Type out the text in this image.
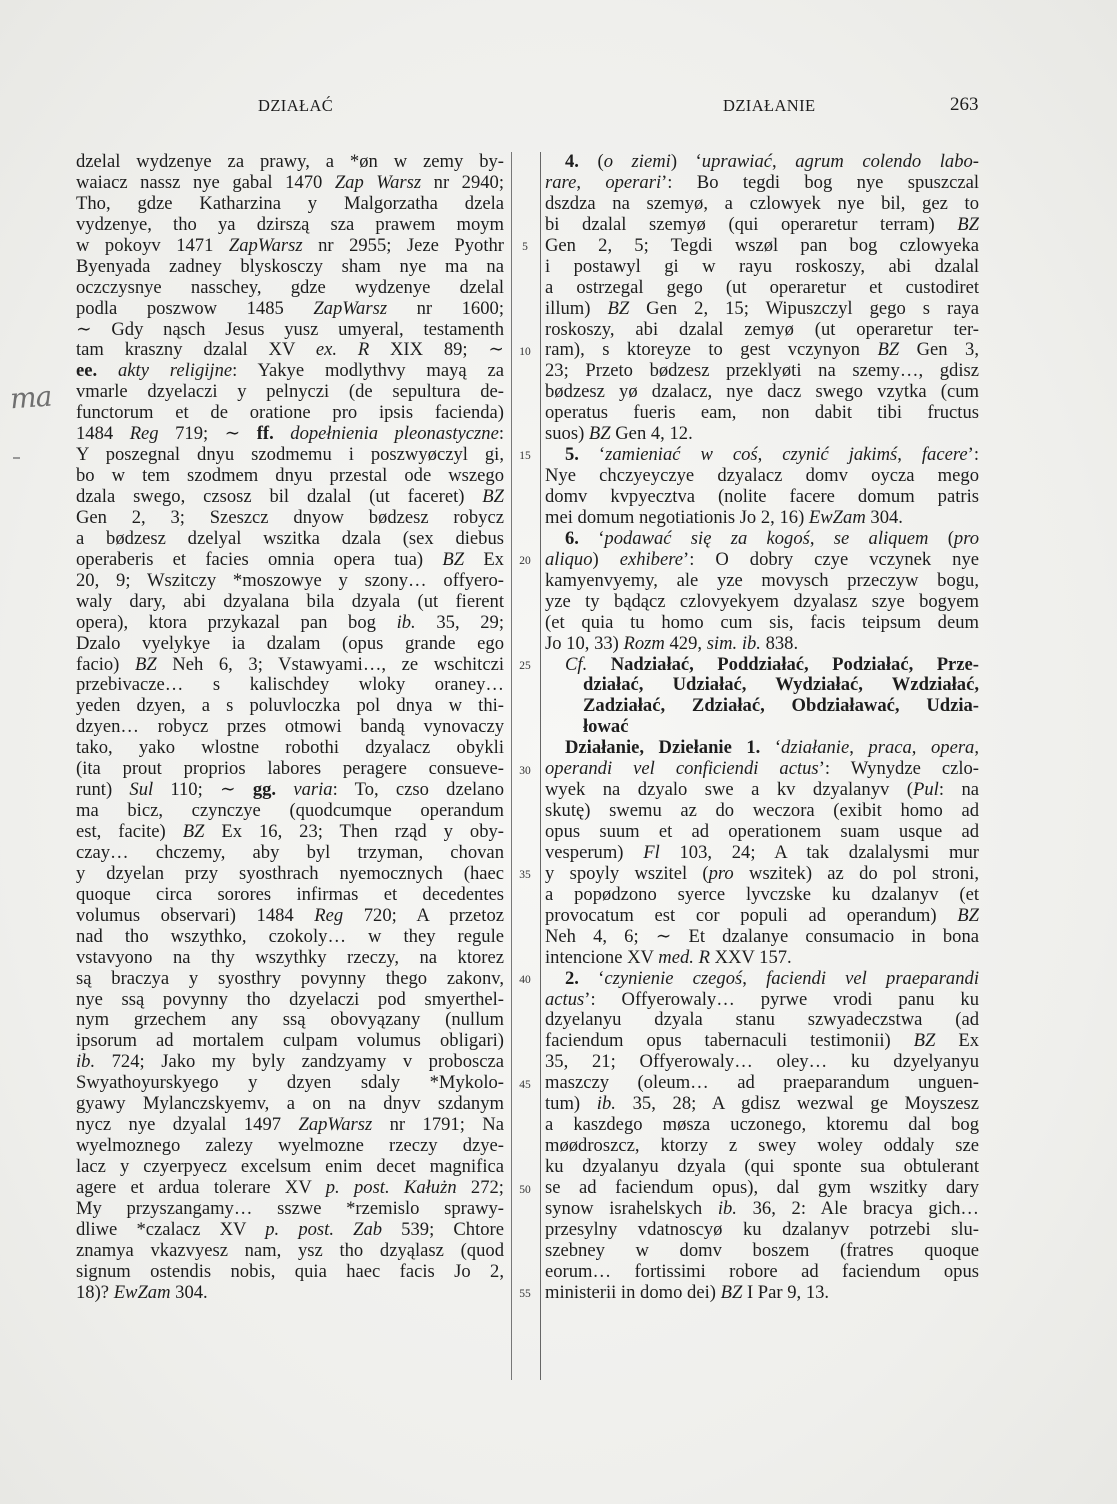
DZIAŁAĆ	DZIAŁANIE	263
ma
dzelal wydzenye za prawy, a *øn w zemy by-
waiacz nassz nye gabal 1470 Zap Warsz nr 2940;
Tho, gdze Katharzina y Malgorzatha dzela
vydzenye, tho ya dzirszą sza prawem moym
w pokoyv 1471 ZapWarsz nr 2955; Jeze Pyothr
Byenyada zadney blyskosczy sham nye ma na
oczczysnye nasschey, gdze wydzenye dzelal
podla poszwow 1485 ZapWarsz nr 1600;
∼ Gdy nąsch Jesus yusz umyeral, testamenth
tam kraszny dzalal XV ex. R XIX 89; ∼
ee. akty religijne: Yakye modlythvy mayą za
vmarle dzyelaczi y pelnyczi (de sepultura de-
functorum et de oratione pro ipsis facienda)
1484 Reg 719; ∼ ff. dopełnienia pleonastyczne:
Y poszegnal dnyu szodmemu i poszwyøczyl gi,
bo w tem szodmem dnyu przestal ode wszego
dzala swego, czsosz bil dzalal (ut faceret) BZ
Gen 2, 3; Szeszcz dnyow bødzesz robycz
a bødzesz dzelyal wszitka dzala (sex diebus
operaberis et facies omnia opera tua) BZ Ex
20, 9; Wszitczy *moszowye y szony… offyero-
waly dary, abi dzyalana bila dzyala (ut fierent
opera), ktora przykazal pan bog ib. 35, 29;
Dzalo vyelykye ia dzalam (opus grande ego
facio) BZ Neh 6, 3; Vstawyami…, ze wschitczi
przebivacze… s kalischdey wloky oraney…
yeden dzyen, a s poluvloczka pol dnya w thi-
dzyen… robycz przes otmowi bandą vynovaczy
tako, yako wlostne robothi dzyalacz obykli
(ita prout proprios labores peragere consueve-
runt) Sul 110; ∼ gg. varia: To, czso dzelano
ma bicz, czynczye (quodcumque operandum
est, facite) BZ Ex 16, 23; Then rząd y oby-
czay… chczemy, aby byl trzyman, chovan
y dzyelan przy syosthrach nyemocznych (haec
quoque circa sorores infirmas et decedentes
volumus observari) 1484 Reg 720; A przetoz
nad tho wszythko, czokoly… w they regule
vstavyono na thy wszythky rzeczy, na ktorez
są braczya y syosthry povynny thego zakonv,
nye ssą povynny tho dzyelaczi pod smyerthel-
nym grzechem any ssą obovyązany (nullum
ipsorum ad mortalem culpam volumus obligari)
ib. 724; Jako my byly zandzyamy v proboscza
Swyathoyurskyego y dzyen sdaly *Mykolo-
gyawy Mylanczskyemv, a on na dnyv szdanym
nycz nye dzyalal 1497 ZapWarsz nr 1791; Na
wyelmoznego zalezy wyelmozne rzeczy dzye-
lacz y czyerpyecz excelsum enim decet magnifica
agere et ardua tolerare XV p. post. Kałużn 272;
My przyszangamy… sszwe *rzemislo sprawy-
dliwe *czalacz XV p. post. Zab 539; Chtore
znamya vkazvyesz nam, ysz tho dzyąlasz (quod
signum ostendis nobis, quia haec facis Jo 2,
18)? EwZam 304.
5
10
15
20
25
30
35
40
45
50
55
4. (o ziemi) ‘uprawiać, agrum colendo labo-
rare, operari’: Bo tegdi bog nye spuszczal
dszdza na szemyø, a czlowyek nye bil, gez to
bi dzalal szemyø (qui operaretur terram) BZ
Gen 2, 5; Tegdi wszøl pan bog czlowyeka
i postawyl gi w rayu roskoszy, abi dzalal
a ostrzegal gego (ut operaretur et custodiret
illum) BZ Gen 2, 15; Wipuszczyl gego s raya
roskoszy, abi dzalal zemyø (ut operaretur ter-
ram), s ktoreyze to gest vczynyon BZ Gen 3,
23; Przeto bødzesz przeklyøti na szemy…, gdisz
bødzesz yø dzalacz, nye dacz swego vzytka (cum
operatus fueris eam, non dabit tibi fructus
suos) BZ Gen 4, 12.
5. ‘zamieniać w coś, czynić jakimś, facere’:
Nye chczyeyczye dzyalacz domv oycza mego
domv kvpyecztva (nolite facere domum patris
mei domum negotiationis Jo 2, 16) EwZam 304.
6. ‘podawać się za kogoś, se aliquem (pro
aliquo) exhibere’: O dobry czye vczynek nye
kamyenvyemy, ale yze movysch przeczyw bogu,
yze ty bądącz czlovyekyem dzyalasz szye bogyem
(et quia tu homo cum sis, facis teipsum deum
Jo 10, 33) Rozm 429, sim. ib. 838.
Cf. Nadziałać, Poddziałać, Podziałać, Prze-
działać, Udziałać, Wydziałać, Wzdziałać,
Zadziałać, Zdziałać, Obdziaławać, Udzia-
łować
Działanie, Dziełanie 1. ‘działanie, praca, opera,
operandi vel conficiendi actus’: Wynydze czlo-
wyek na dzyalo swe a kv dzyalanyv (Pul: na
skutę) swemu az do weczora (exibit homo ad
opus suum et ad operationem suam usque ad
vesperum) Fl 103, 24; A tak dzalalysmi mur
y spoyly wszitel (pro wszitek) az do pol stroni,
a popødzono syerce lyvczske ku dzalanyv (et
provocatum est cor populi ad operandum) BZ
Neh 4, 6; ∼ Et dzalanye consumacio in bona
intencione XV med. R XXV 157.
2. ‘czynienie czegoś, faciendi vel praeparandi
actus’: Offyerowaly… pyrwe vrodi panu ku
dzyelanyu dzyala stanu szwyadeczstwa (ad
faciendum opus tabernaculi testimonii) BZ Ex
35, 21; Offyerowaly… oley… ku dzyelyanyu
maszczy (oleum… ad praeparandum unguen-
tum) ib. 35, 28; A gdisz wezwal ge Moyszesz
a kaszdego møsza uczonego, ktoremu dal bog
møødroszcz, ktorzy z swey woley oddaly sze
ku dzyalanyu dzyala (qui sponte sua obtulerant
se ad faciendum opus), dal gym wszitky dary
synow israhelskych ib. 36, 2: Ale bracya gich…
przesylny vdatnoscyø ku dzalanyv potrzebi slu-
szebney w domv boszem (fratres quoque
eorum… fortissimi robore ad faciendum opus
ministerii in domo dei) BZ I Par 9, 13.
